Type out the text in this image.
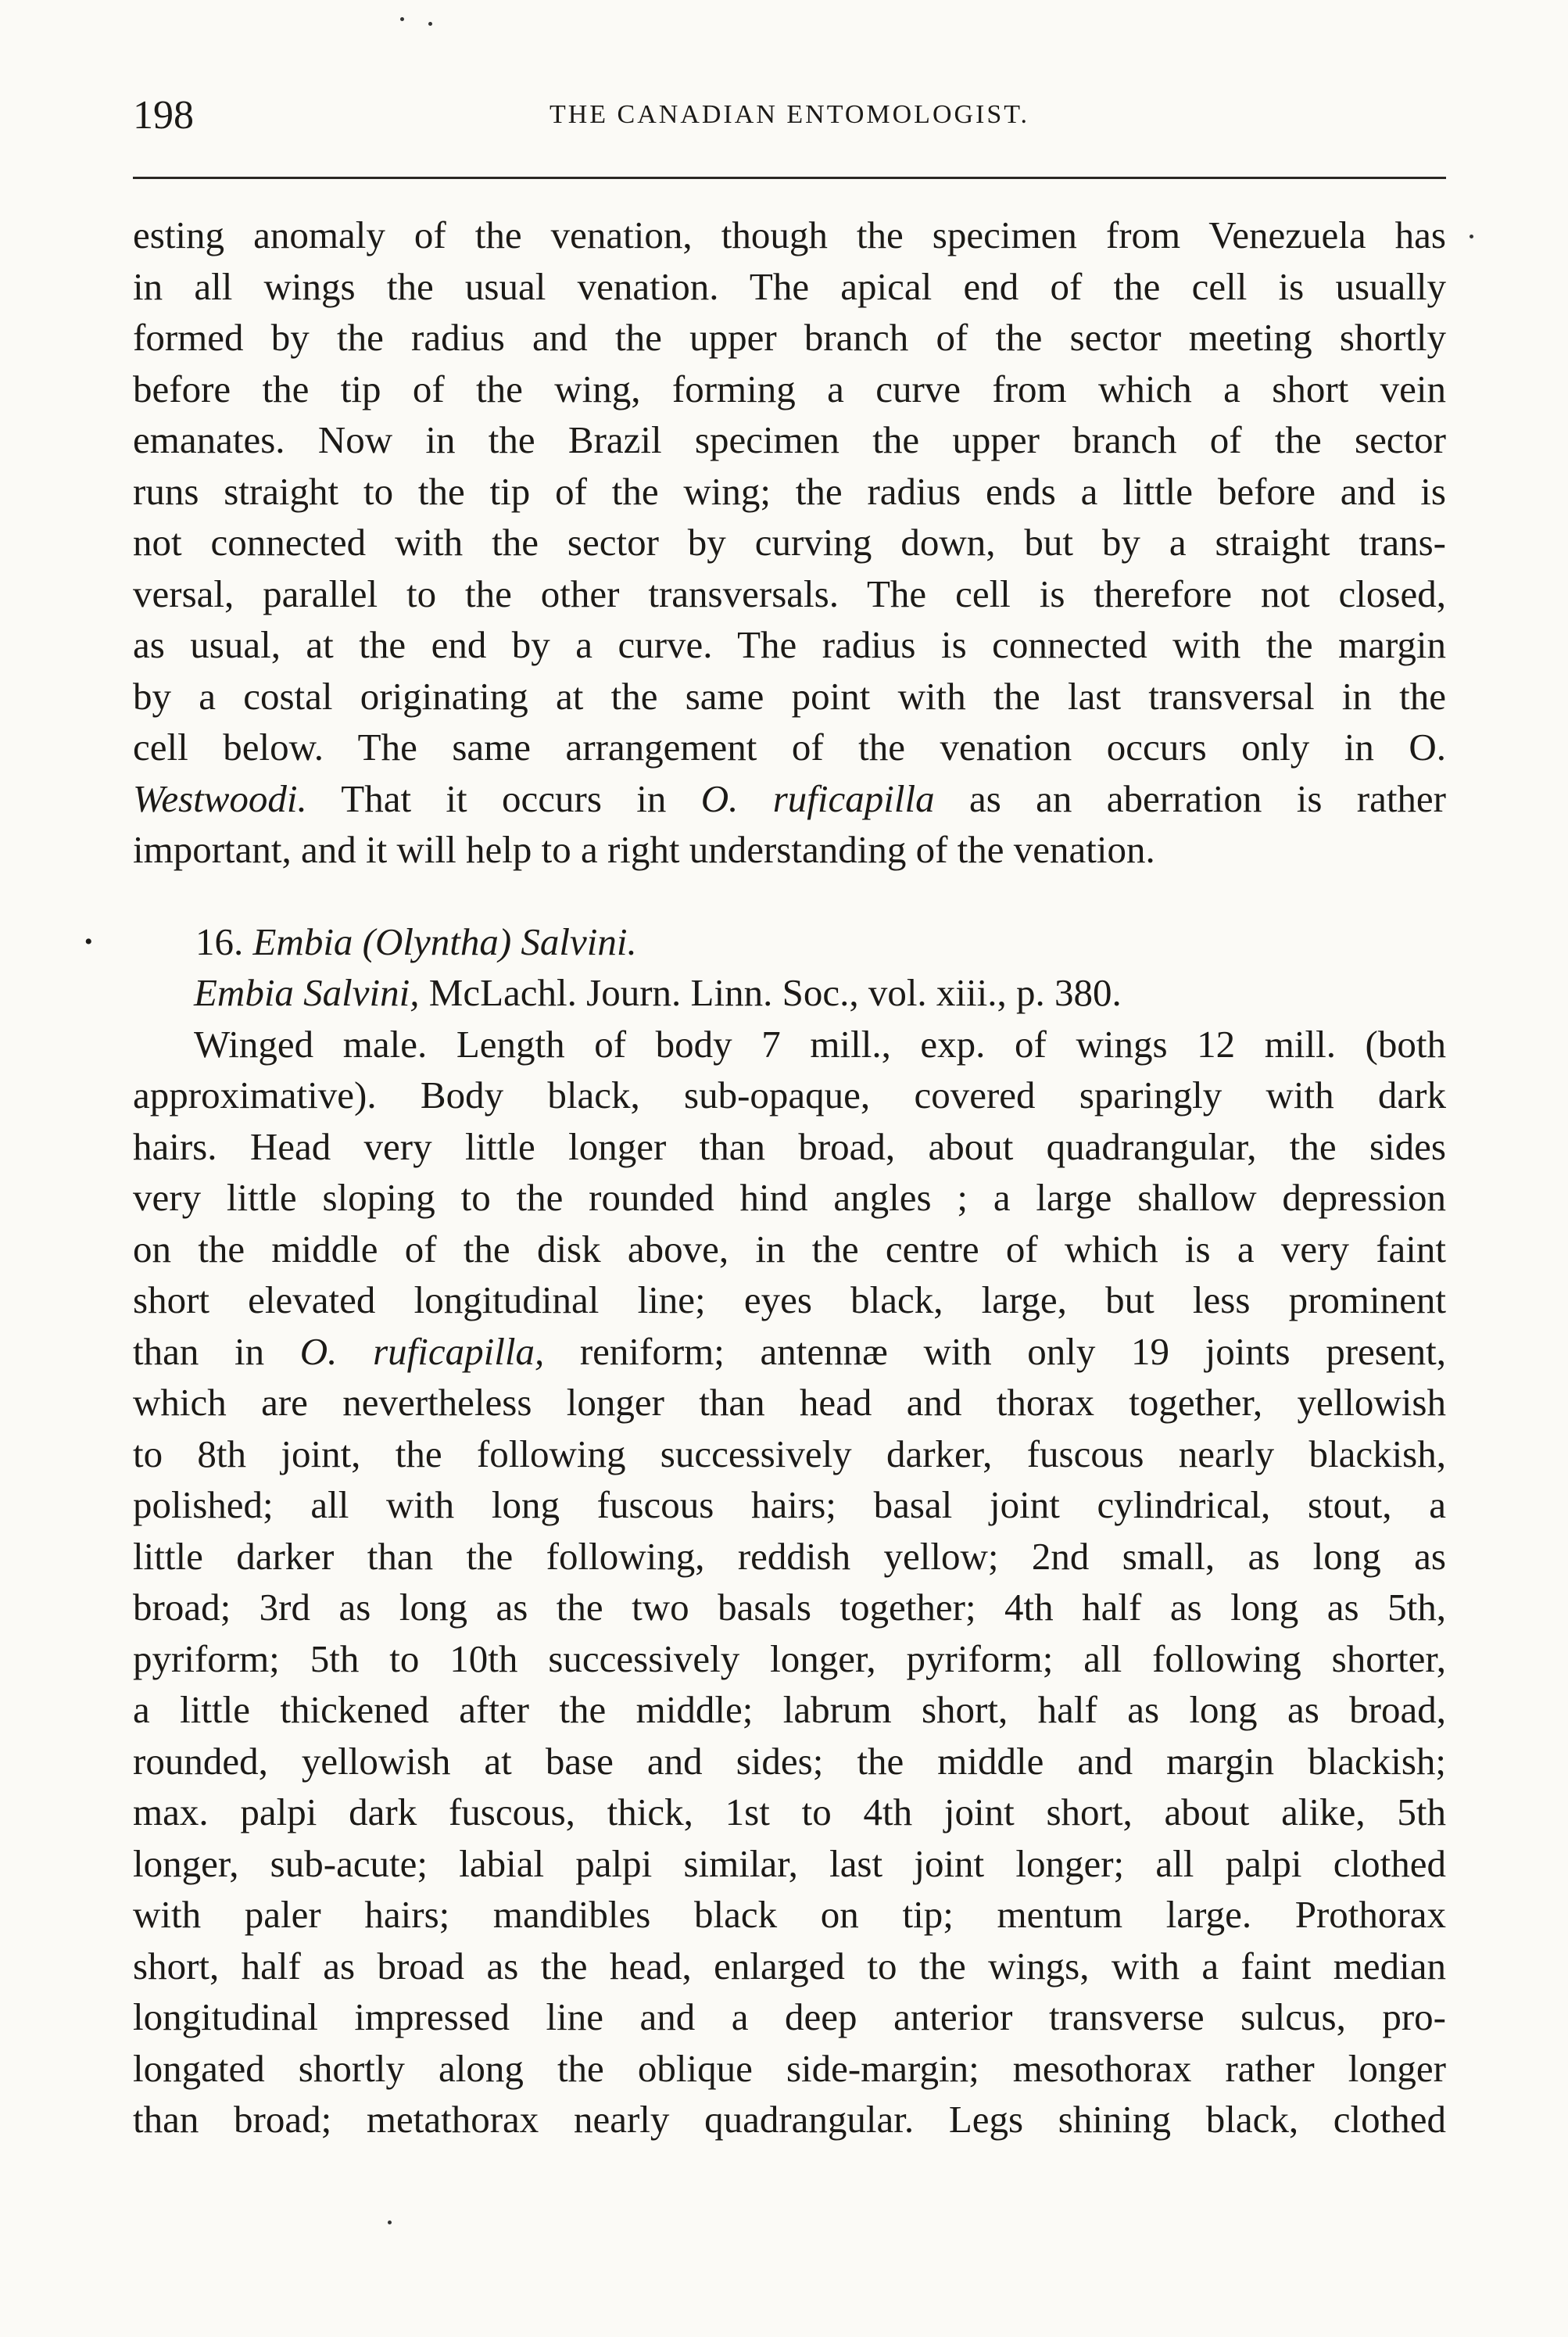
198	THE CANADIAN ENTOMOLOGIST.
esting anomaly of the venation, though the specimen from Venezuela has
in all wings the usual venation. The apical end of the cell is usually
formed by the radius and the upper branch of the sector meeting shortly
before the tip of the wing, forming a curve from which a short vein
emanates. Now in the Brazil specimen the upper branch of the sector
runs straight to the tip of the wing; the radius ends a little before and is
not connected with the sector by curving down, but by a straight trans-
versal, parallel to the other transversals. The cell is therefore not closed,
as usual, at the end by a curve. The radius is connected with the margin
by a costal originating at the same point with the last transversal in the
cell below. The same arrangement of the venation occurs only in O.
Westwoodi. That it occurs in O. ruficapilla as an aberration is rather
important, and it will help to a right understanding of the venation.
•	16. Embia (Olyntha) Salvini.
Embia Salvini, McLachl. Journ. Linn. Soc., vol. xiii., p. 380.
Winged male. Length of body 7 mill., exp. of wings 12 mill. (both
approximative). Body black, sub-opaque, covered sparingly with dark
hairs. Head very little longer than broad, about quadrangular, the sides
very little sloping to the rounded hind angles ; a large shallow depression
on the middle of the disk above, in the centre of which is a very faint
short elevated longitudinal line; eyes black, large, but less prominent
than in O. ruficapilla, reniform; antennæ with only 19 joints present,
which are nevertheless longer than head and thorax together, yellowish
to 8th joint, the following successively darker, fuscous nearly blackish,
polished; all with long fuscous hairs; basal joint cylindrical, stout, a
little darker than the following, reddish yellow; 2nd small, as long as
broad; 3rd as long as the two basals together; 4th half as long as 5th,
pyriform; 5th to 10th successively longer, pyriform; all following shorter,
a little thickened after the middle; labrum short, half as long as broad,
rounded, yellowish at base and sides; the middle and margin blackish;
max. palpi dark fuscous, thick, 1st to 4th joint short, about alike, 5th
longer, sub-acute; labial palpi similar, last joint longer; all palpi clothed
with paler hairs; mandibles black on tip; mentum large. Prothorax
short, half as broad as the head, enlarged to the wings, with a faint median
longitudinal impressed line and a deep anterior transverse sulcus, pro-
longated shortly along the oblique side-margin; mesothorax rather longer
than broad; metathorax nearly quadrangular. Legs shining black, clothed
